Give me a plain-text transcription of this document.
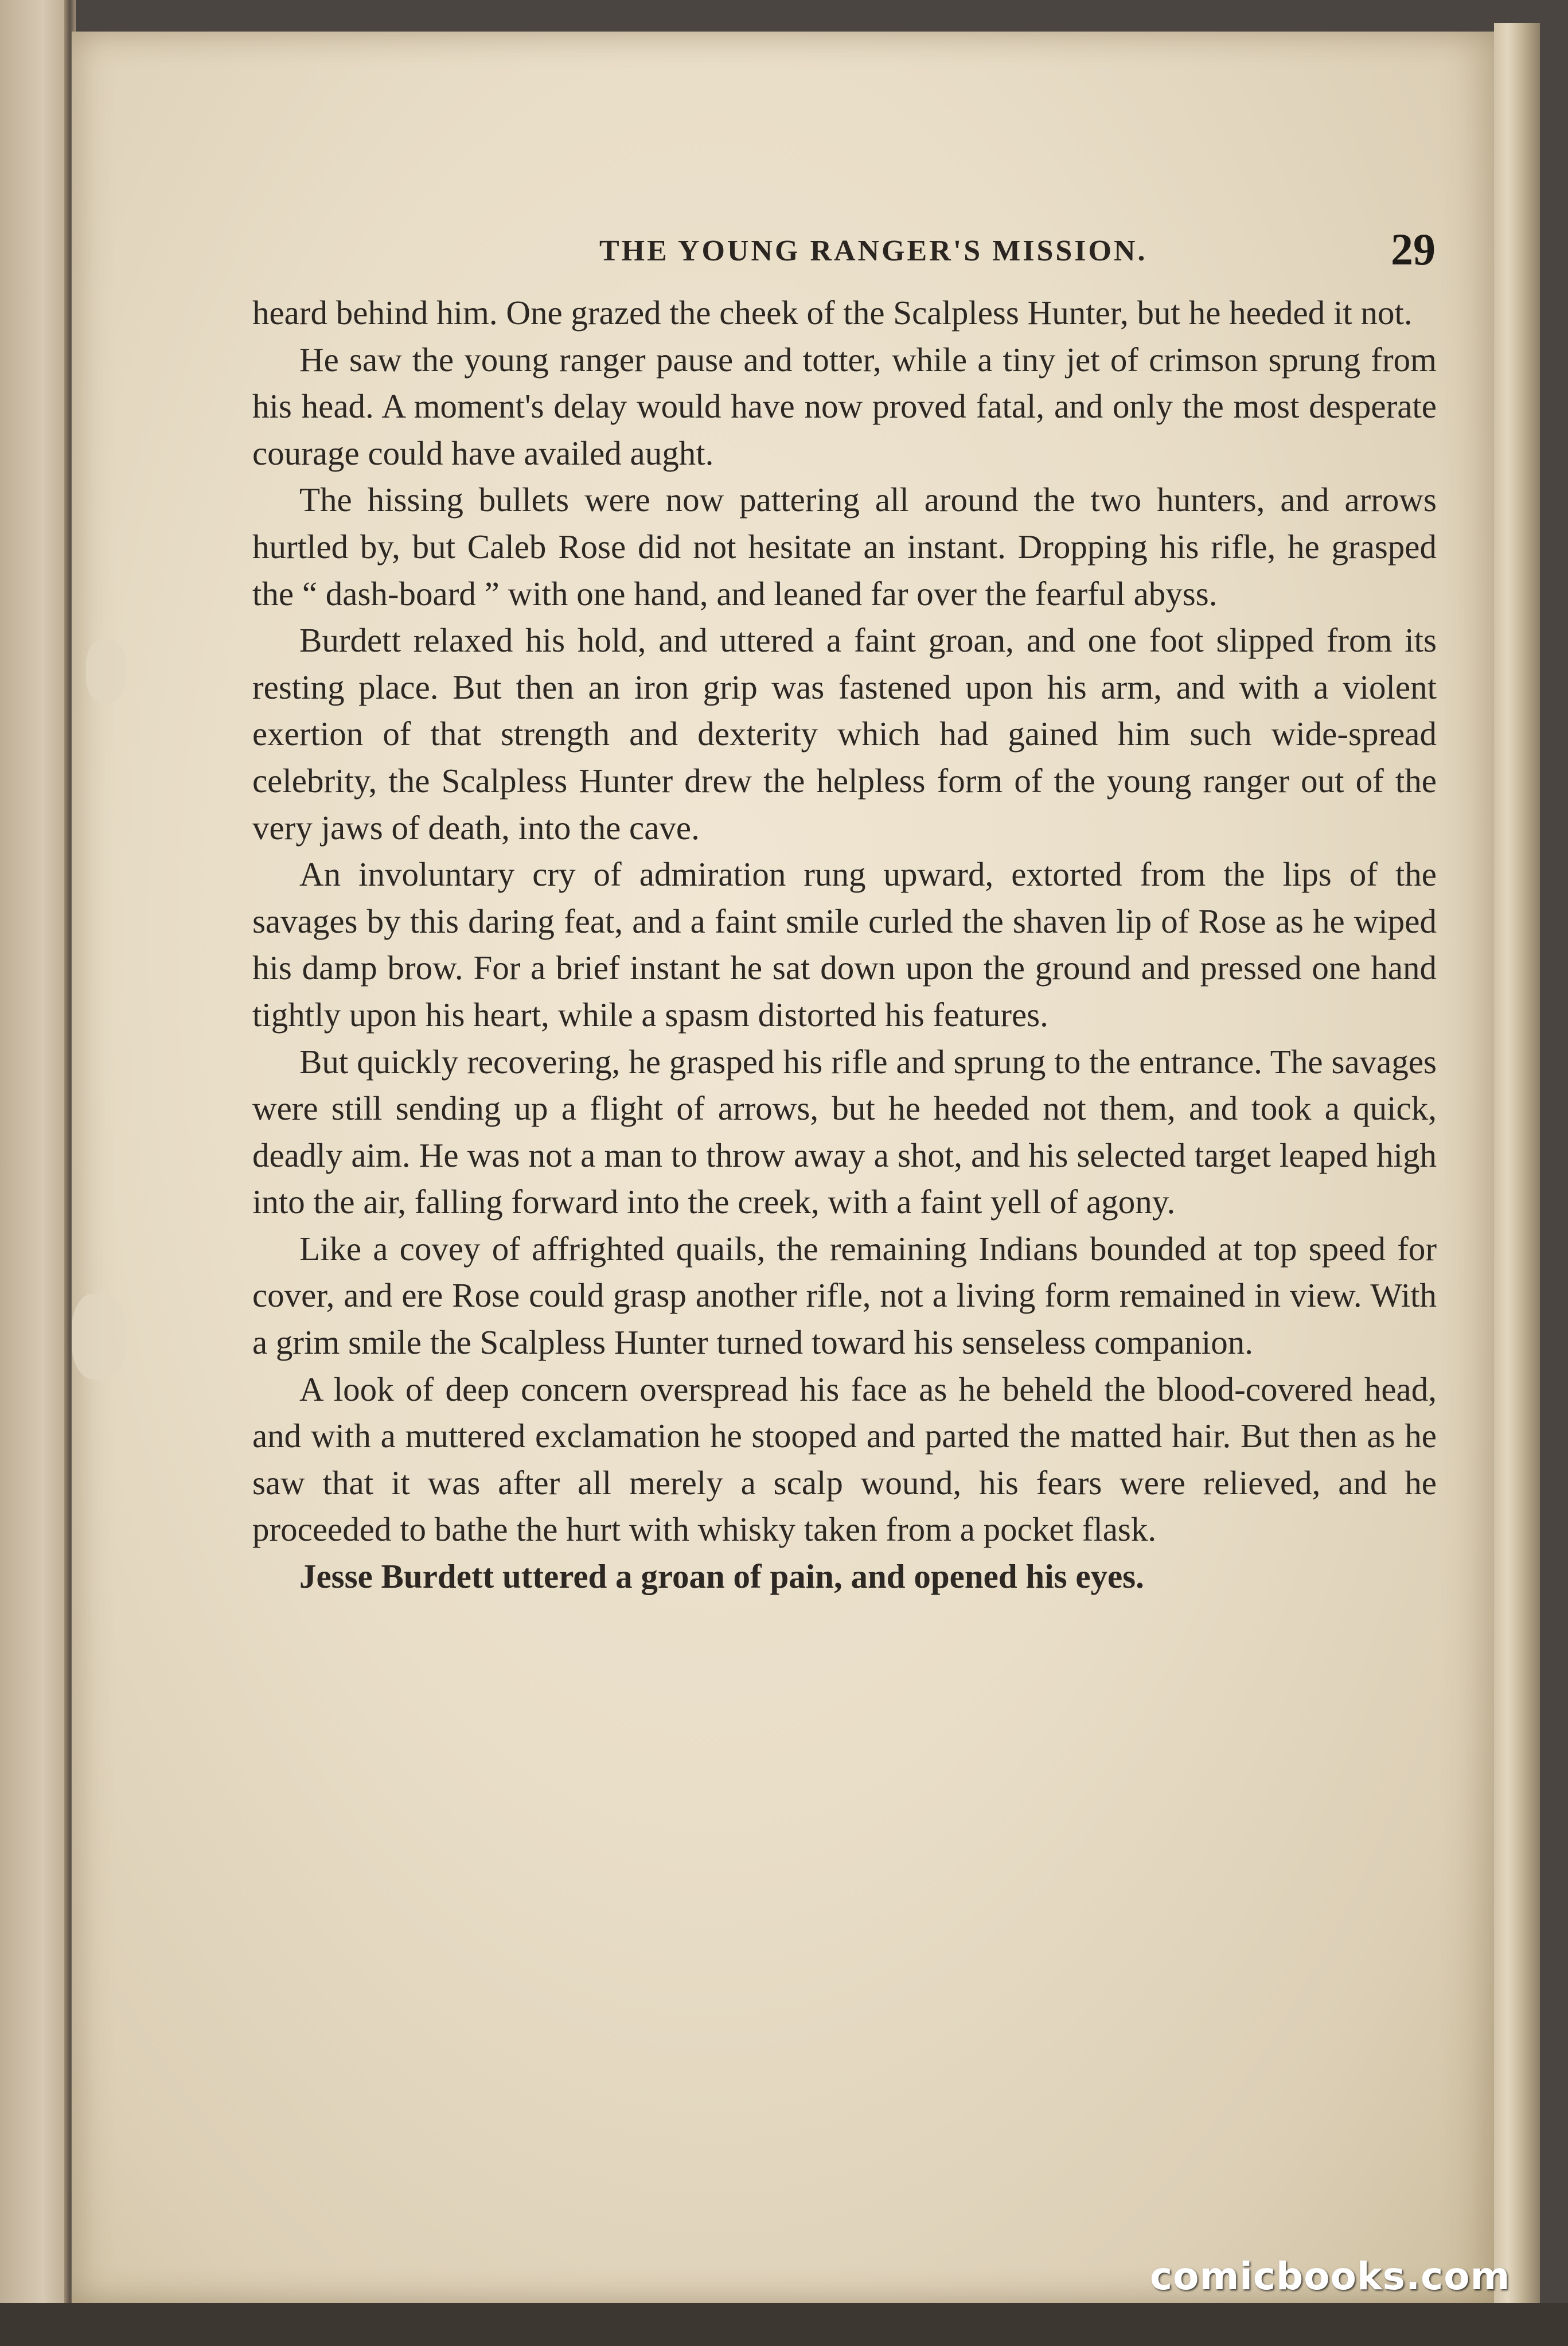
THE YOUNG RANGER'S MISSION.	29

heard behind him. One grazed the cheek of the Scalpless Hunter, but he heeded it not.

He saw the young ranger pause and totter, while a tiny jet of crimson sprung from his head. A moment's delay would have now proved fatal, and only the most desperate courage could have availed aught.

The hissing bullets were now pattering all around the two hunters, and arrows hurtled by, but Caleb Rose did not hesitate an instant. Dropping his rifle, he grasped the “ dash-board ” with one hand, and leaned far over the fearful abyss.

Burdett relaxed his hold, and uttered a faint groan, and one foot slipped from its resting place. But then an iron grip was fastened upon his arm, and with a violent exertion of that strength and dexterity which had gained him such wide-spread celebrity, the Scalpless Hunter drew the helpless form of the young ranger out of the very jaws of death, into the cave.

An involuntary cry of admiration rung upward, extorted from the lips of the savages by this daring feat, and a faint smile curled the shaven lip of Rose as he wiped his damp brow. For a brief instant he sat down upon the ground and pressed one hand tightly upon his heart, while a spasm distorted his features.

But quickly recovering, he grasped his rifle and sprung to the entrance. The savages were still sending up a flight of arrows, but he heeded not them, and took a quick, deadly aim. He was not a man to throw away a shot, and his selected target leaped high into the air, falling forward into the creek, with a faint yell of agony.

Like a covey of affrighted quails, the remaining Indians bounded at top speed for cover, and ere Rose could grasp another rifle, not a living form remained in view. With a grim smile the Scalpless Hunter turned toward his senseless companion.

A look of deep concern overspread his face as he beheld the blood-covered head, and with a muttered exclamation he stooped and parted the matted hair. But then as he saw that it was after all merely a scalp wound, his fears were relieved, and he proceeded to bathe the hurt with whisky taken from a pocket flask.

Jesse Burdett uttered a groan of pain, and opened his eyes.

comicbooks.com
